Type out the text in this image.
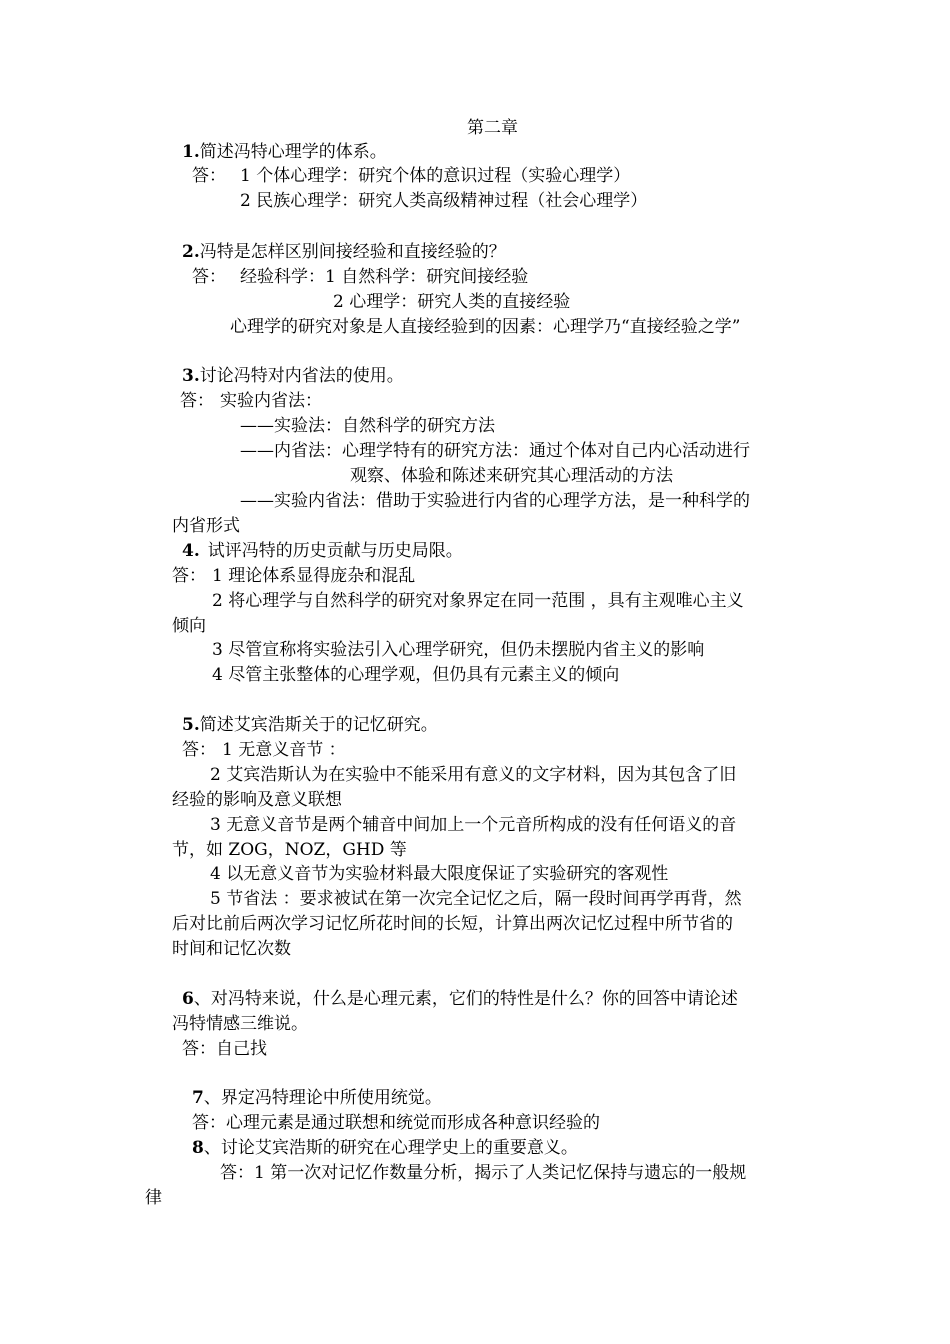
第二章
1.简述冯特心理学的体系。
答： 1 个体心理学：研究个体的意识过程（实验心理学）
2 民族心理学：研究人类高级精神过程（社会心理学）
2.冯特是怎样区别间接经验和直接经验的？
答： 经验科学：1 自然科学：研究间接经验
2 心理学：研究人类的直接经验
心理学的研究对象是人直接经验到的因素：心理学乃“直接经验之学”
3.讨论冯特对内省法的使用。
答： 实验内省法：
——实验法：自然科学的研究方法
——内省法：心理学特有的研究方法：通过个体对自己内心活动进行
观察、体验和陈述来研究其心理活动的方法
——实验内省法：借助于实验进行内省的心理学方法，是一种科学的
内省形式
4. 试评冯特的历史贡献与历史局限。
答： 1 理论体系显得庞杂和混乱
2 将心理学与自然科学的研究对象界定在同一范围 ，具有主观唯心主义
倾向
3 尽管宣称将实验法引入心理学研究，但仍未摆脱内省主义的影响
4 尽管主张整体的心理学观，但仍具有元素主义的倾向
5.简述艾宾浩斯关于的记忆研究。
答： 1 无意义音节 ：
2 艾宾浩斯认为在实验中不能采用有意义的文字材料，因为其包含了旧
经验的影响及意义联想
3 无意义音节是两个辅音中间加上一个元音所构成的没有任何语义的音
节，如 ZOG，NOZ，GHD 等
4 以无意义音节为实验材料最大限度保证了实验研究的客观性
5 节省法 ：要求被试在第一次完全记忆之后，隔一段时间再学再背，然
后对比前后两次学习记忆所花时间的长短，计算出两次记忆过程中所节省的
时间和记忆次数
6、对冯特来说，什么是心理元素，它们的特性是什么？你的回答中请论述
冯特情感三维说。
答：自己找
7、界定冯特理论中所使用统觉。
答：心理元素是通过联想和统觉而形成各种意识经验的
8、讨论艾宾浩斯的研究在心理学史上的重要意义。
答：1 第一次对记忆作数量分析，揭示了人类记忆保持与遗忘的一般规
律
